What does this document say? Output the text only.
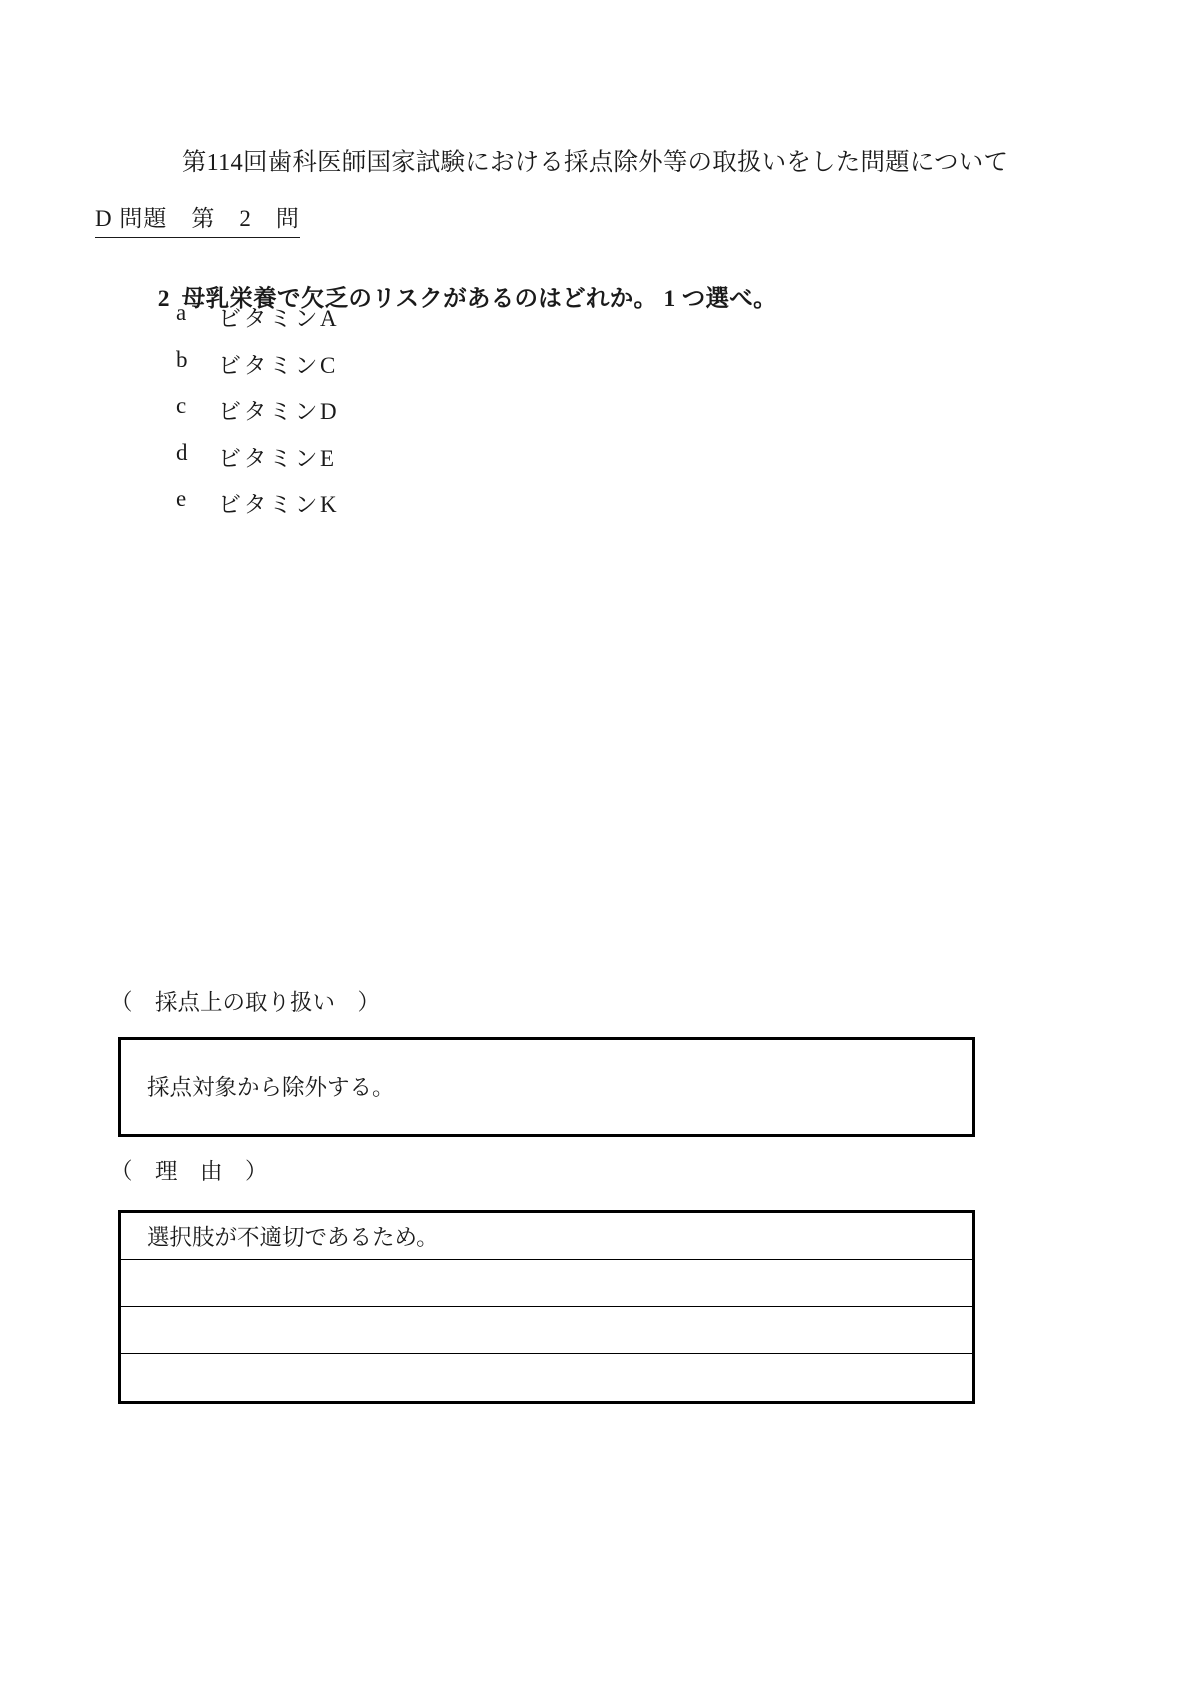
第114回歯科医師国家試験における採点除外等の取扱いをした問題について
D 問題　第　2　問

2 母乳栄養で欠乏のリスクがあるのはどれか。 1 つ選べ。

a	ビタミンA
b	ビタミンC
c	ビタミンD
d	ビタミンE
e	ビタミンK
（　採点上の取り扱い　）
採点対象から除外する。
（　理　由　）
選択肢が不適切であるため。
